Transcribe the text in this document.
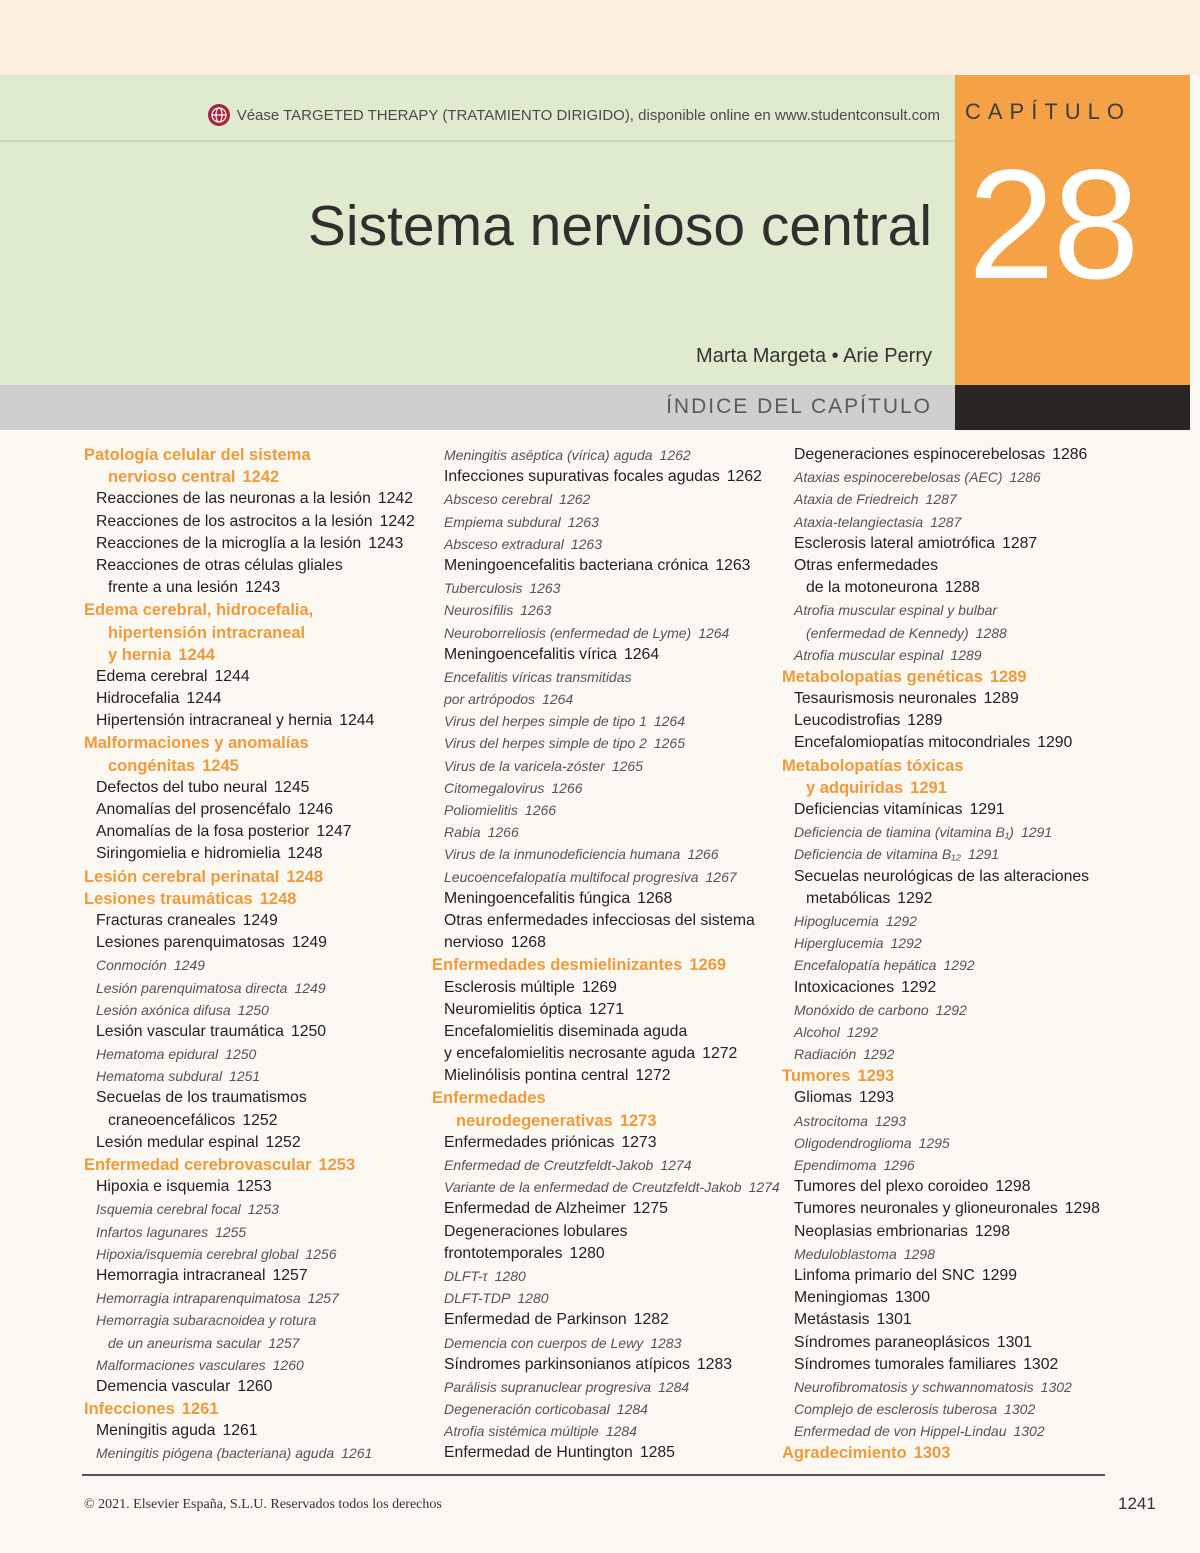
Véase TARGETED THERAPY (TRATAMIENTO DIRIGIDO), disponible online en www.studentconsult.com CAPÍTULO
28
Sistema nervioso central
Marta Margeta • Arie Perry
ÍNDICE DEL CAPÍTULO
Patología celular del sistema
nervioso central 1242
Reacciones de las neuronas a la lesión 1242
Reacciones de los astrocitos a la lesión 1242
Reacciones de la microglía a la lesión 1243
Reacciones de otras células gliales
frente a una lesión 1243
Edema cerebral, hidrocefalia,
hipertensión intracraneal
y hernia 1244
Edema cerebral 1244
Hidrocefalia 1244
Hipertensión intracraneal y hernia 1244
Malformaciones y anomalías
congénitas 1245
Defectos del tubo neural 1245
Anomalías del prosencéfalo 1246
Anomalías de la fosa posterior 1247
Siringomielia e hidromielia 1248
Lesión cerebral perinatal 1248
Lesiones traumáticas 1248
Fracturas craneales 1249
Lesiones parenquimatosas 1249
Conmoción 1249
Lesión parenquimatosa directa 1249
Lesión axónica difusa 1250
Lesión vascular traumática 1250
Hematoma epidural 1250
Hematoma subdural 1251
Secuelas de los traumatismos
craneoencefálicos 1252
Lesión medular espinal 1252
Enfermedad cerebrovascular 1253
Hipoxia e isquemia 1253
Isquemia cerebral focal 1253
Infartos lagunares 1255
Hipoxia/isquemia cerebral global 1256
Hemorragia intracraneal 1257
Hemorragia intraparenquimatosa 1257
Hemorragia subaracnoidea y rotura
de un aneurisma sacular 1257
Malformaciones vasculares 1260
Demencia vascular 1260
Infecciones 1261
Meningitis aguda 1261
Meningitis piógena (bacteriana) aguda 1261
Meningitis aséptica (vírica) aguda 1262
Infecciones supurativas focales agudas 1262
Absceso cerebral 1262
Empiema subdural 1263
Absceso extradural 1263
Meningoencefalitis bacteriana crónica 1263
Tuberculosis 1263
Neurosífilis 1263
Neuroborreliosis (enfermedad de Lyme) 1264
Meningoencefalitis vírica 1264
Encefalitis víricas transmitidas
por artrópodos 1264
Virus del herpes simple de tipo 1 1264
Virus del herpes simple de tipo 2 1265
Virus de la varicela-zóster 1265
Citomegalovirus 1266
Poliomielitis 1266
Rabia 1266
Virus de la inmunodeficiencia humana 1266
Leucoencefalopatía multifocal progresiva 1267
Meningoencefalitis fúngica 1268
Otras enfermedades infecciosas del sistema
nervioso 1268
Enfermedades desmielinizantes 1269
Esclerosis múltiple 1269
Neuromielitis óptica 1271
Encefalomielitis diseminada aguda
y encefalomielitis necrosante aguda 1272
Mielinólisis pontina central 1272
Enfermedades
neurodegenerativas 1273
Enfermedades priónicas 1273
Enfermedad de Creutzfeldt-Jakob 1274
Variante de la enfermedad de Creutzfeldt-Jakob 1274
Enfermedad de Alzheimer 1275
Degeneraciones lobulares
frontotemporales 1280
DLFT-τ 1280
DLFT-TDP 1280
Enfermedad de Parkinson 1282
Demencia con cuerpos de Lewy 1283
Síndromes parkinsonianos atípicos 1283
Parálisis supranuclear progresiva 1284
Degeneración corticobasal 1284
Atrofia sistémica múltiple 1284
Enfermedad de Huntington 1285
Degeneraciones espinocerebelosas 1286
Ataxias espinocerebelosas (AEC) 1286
Ataxia de Friedreich 1287
Ataxia-telangiectasia 1287
Esclerosis lateral amiotrófica 1287
Otras enfermedades
de la motoneurona 1288
Atrofia muscular espinal y bulbar
(enfermedad de Kennedy) 1288
Atrofia muscular espinal 1289
Metabolopatías genéticas 1289
Tesaurismosis neuronales 1289
Leucodistrofias 1289
Encefalomiopatías mitocondriales 1290
Metabolopatías tóxicas
y adquiridas 1291
Deficiencias vitamínicas 1291
Deficiencia de tiamina (vitamina B₁) 1291
Deficiencia de vitamina B₁₂ 1291
Secuelas neurológicas de las alteraciones
metabólicas 1292
Hipoglucemia 1292
Hiperglucemia 1292
Encefalopatía hepática 1292
Intoxicaciones 1292
Monóxido de carbono 1292
Alcohol 1292
Radiación 1292
Tumores 1293
Gliomas 1293
Astrocitoma 1293
Oligodendroglioma 1295
Ependimoma 1296
Tumores del plexo coroideo 1298
Tumores neuronales y glioneuronales 1298
Neoplasias embrionarias 1298
Meduloblastoma 1298
Linfoma primario del SNC 1299
Meningiomas 1300
Metástasis 1301
Síndromes paraneoplásicos 1301
Síndromes tumorales familiares 1302
Neurofibromatosis y schwannomatosis 1302
Complejo de esclerosis tuberosa 1302
Enfermedad de von Hippel-Lindau 1302
Agradecimiento 1303
© 2021. Elsevier España, S.L.U. Reservados todos los derechos	1241
